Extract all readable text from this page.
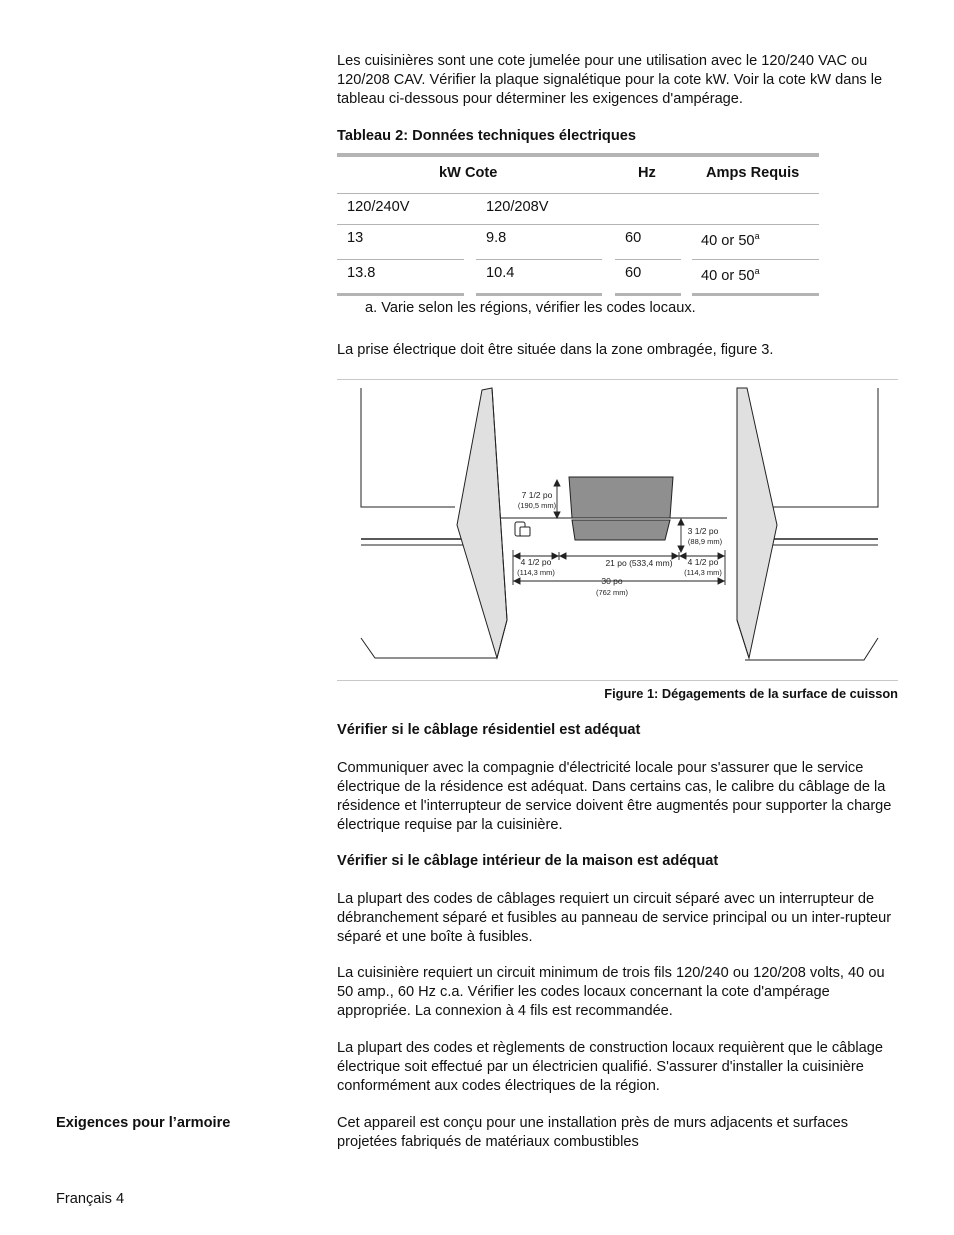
Les cuisinières sont une cote jumelée pour une utilisation avec le 120/240 VAC ou 120/208 CAV. Vérifier la plaque signalétique pour la cote kW. Voir la cote kW dans le tableau ci-dessous pour déterminer les exigences d'ampérage.

Tableau 2: Données techniques électriques

kW Cote	Hz	Amps Requis
120/240V	120/208V
13	9.8	60	40 or 50$^a$
13.8	10.4	60	40 or 50$^a$

a. Varie selon les régions, vérifier les codes locaux.

La prise électrique doit être située dans la zone ombragée, figure 3.

7 1/2 po
(190,5 mm)
3 1/2 po
(88,9 mm)
4 1/2 po
(114,3 mm)
21 po (533,4 mm) 4 1/2 po
(114,3 mm)
30 po
(762 mm)
Figure 1: Dégagements de la surface de cuisson

Vérifier si le câblage résidentiel est adéquat

Communiquer avec la compagnie d'électricité locale pour s'assurer que le service électrique de la résidence est adéquat. Dans certains cas, le calibre du câblage de la résidence et l'interrupteur de service doivent être augmentés pour supporter la charge électrique requise par la cuisinière.

Vérifier si le câblage intérieur de la maison est adéquat

La plupart des codes de câblages requiert un circuit séparé avec un interrupteur de débranchement séparé et fusibles au panneau de service principal ou un inter-rupteur séparé et une boîte à fusibles.

La cuisinière requiert un circuit minimum de trois fils 120/240 ou 120/208 volts, 40 ou 50 amp., 60 Hz c.a. Vérifier les codes locaux concernant la cote d'ampérage appropriée. La connexion à 4 fils est recommandée.

La plupart des codes et règlements de construction locaux requièrent que le câblage électrique soit effectué par un électricien qualifié. S'assurer d'installer la cuisinière conformément aux codes électriques de la région.

Exigences pour l’armoire	Cet appareil est conçu pour une installation près de murs adjacents et surfaces projetées fabriqués de matériaux combustibles

Français 4
